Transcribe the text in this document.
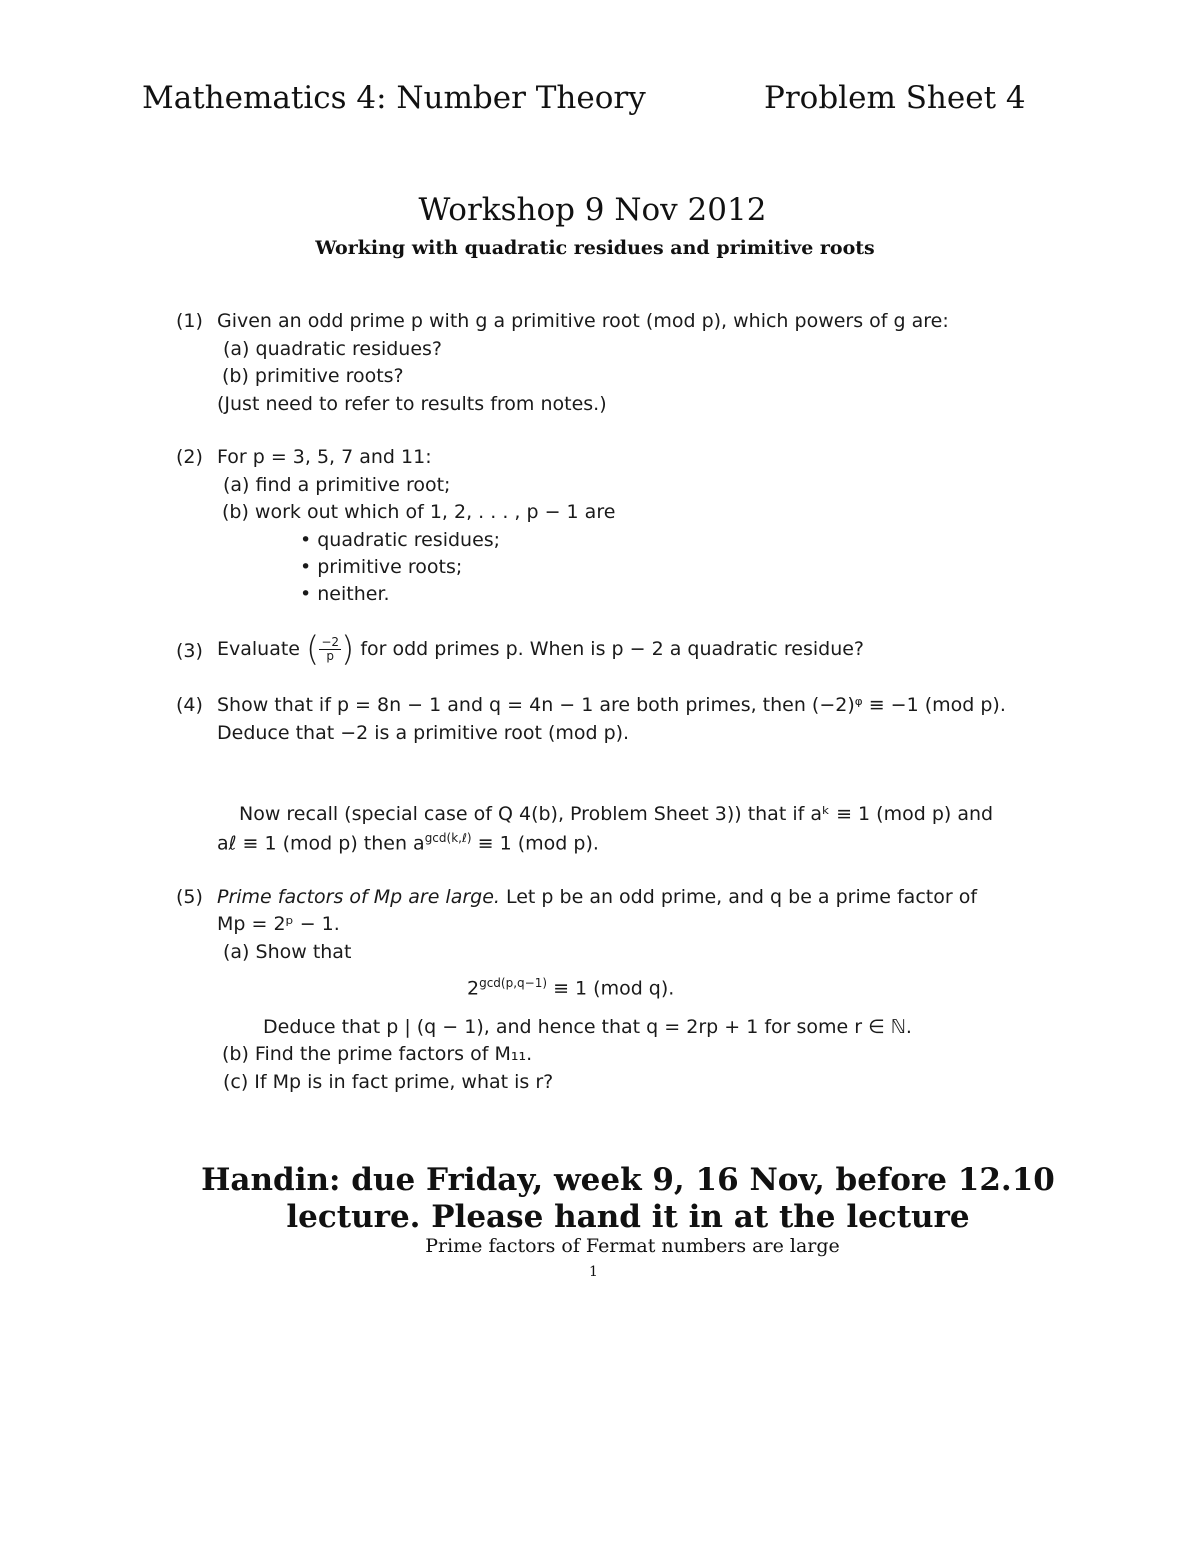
Mathematics 4: Number Theory	Problem Sheet 4
Workshop 9 Nov 2012
Working with quadratic residues and primitive roots
(1) Given an odd prime p with g a primitive root (mod p), which powers of g are:
(a) quadratic residues?
(b) primitive roots?
(Just need to refer to results from notes.)
(2) For p = 3, 5, 7 and 11:
(a) find a primitive root;
(b) work out which of 1, 2, . . . , p − 1 are
• quadratic residues;
• primitive roots;
• neither.
(3) Evaluate ( $\frac{-2}{p}$ ) for odd primes p. When is p − 2 a quadratic residue?
(4) Show that if p = 8n − 1 and q = 4n − 1 are both primes, then (−2)ᵠ ≡ −1 (mod p).
Deduce that −2 is a primitive root (mod p).
Now recall (special case of Q 4(b), Problem Sheet 3)) that if aᵏ ≡ 1 (mod p) and
aℓ ≡ 1 (mod p) then $a^{gcd(k,\ell)} \equiv 1$ (mod p).
(5) Prime factors of Mp are large. Let p be an odd prime, and q be a prime factor of
Mp = 2ᵖ − 1.
(a) Show that
$2^{gcd(p,q-1)} \equiv 1$ (mod q).
Deduce that p | (q − 1), and hence that q = 2rp + 1 for some r ∈ ℕ.
(b) Find the prime factors of M₁₁.
(c) If Mp is in fact prime, what is r?
Handin: due Friday, week 9, 16 Nov, before 12.10
lecture. Please hand it in at the lecture
Prime factors of Fermat numbers are large
1
